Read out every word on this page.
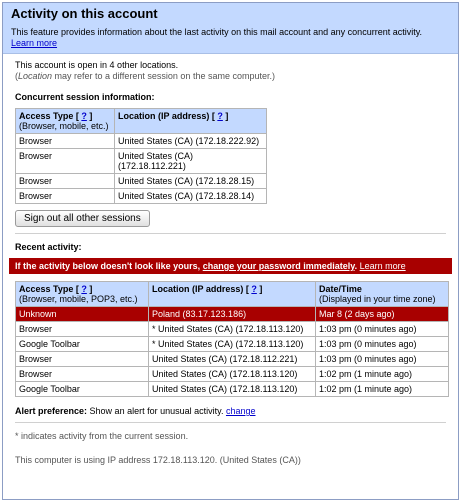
Activity on this account
This feature provides information about the last activity on this mail account and any concurrent activity.
Learn more
This account is open in 4 other locations.
(Location may refer to a different session on the same computer.)
Concurrent session information:
Access Type [ ? ]
(Browser, mobile, etc.)	Location (IP address) [ ? ]
Browser	United States (CA) (172.18.222.92)
Browser	United States (CA) (172.18.112.221)
Browser	United States (CA) (172.18.28.15)
Browser	United States (CA) (172.18.28.14)
Sign out all other sessions
Recent activity:
If the activity below doesn't look like yours, change your password immediately. Learn more
Access Type [ ? ]
(Browser, mobile, POP3, etc.)	Location (IP address) [ ? ]	Date/Time
(Displayed in your time zone)

Unknown	Poland (83.17.123.186)	Mar 8 (2 days ago)
Browser	* United States (CA) (172.18.113.120)	1:03 pm (0 minutes ago)
Google Toolbar	* United States (CA) (172.18.113.120)	1:03 pm (0 minutes ago)
Browser	United States (CA) (172.18.112.221)	1:03 pm (0 minutes ago)
Browser	United States (CA) (172.18.113.120)	1:02 pm (1 minute ago)
Google Toolbar	United States (CA) (172.18.113.120)	1:02 pm (1 minute ago)
Alert preference: Show an alert for unusual activity. change
* indicates activity from the current session.
This computer is using IP address 172.18.113.120. (United States (CA))
